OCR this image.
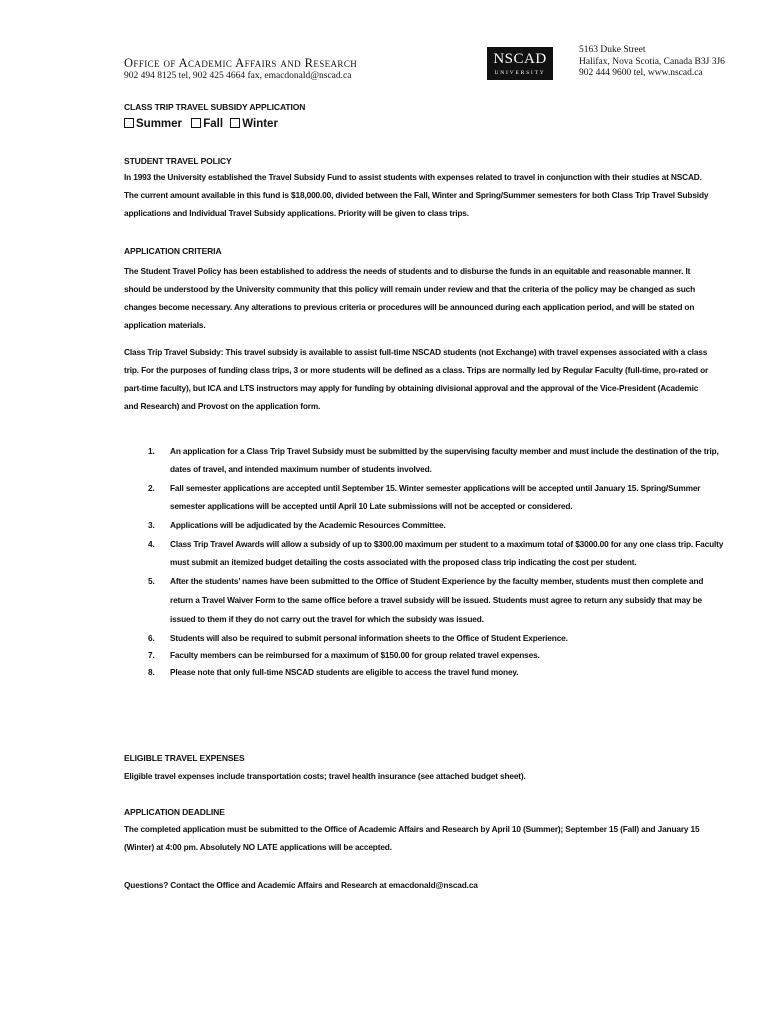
Office of Academic Affairs and Research
902 494 8125 tel, 902 425 4664 fax, emacdonald@nscad.ca
NSCAD
UNIVERSITY
5163 Duke Street
Halifax, Nova Scotia, Canada B3J 3J6
902 444 9600 tel, www.nscad.ca
CLASS TRIP TRAVEL SUBSIDY APPLICATION
Summer Fall Winter
STUDENT TRAVEL POLICY
In 1993 the University established the Travel Subsidy Fund to assist students with expenses related to travel in conjunction with their studies at NSCAD. The current amount available in this fund is $18,000.00, divided between the Fall, Winter and Spring/Summer semesters for both Class Trip Travel Subsidy applications and Individual Travel Subsidy applications. Priority will be given to class trips.
APPLICATION CRITERIA
The Student Travel Policy has been established to address the needs of students and to disburse the funds in an equitable and reasonable manner. It should be understood by the University community that this policy will remain under review and that the criteria of the policy may be changed as such changes become necessary. Any alterations to previous criteria or procedures will be announced during each application period, and will be stated on application materials.
Class Trip Travel Subsidy: This travel subsidy is available to assist full-time NSCAD students (not Exchange) with travel expenses associated with a class trip. For the purposes of funding class trips, 3 or more students will be defined as a class. Trips are normally led by Regular Faculty (full-time, pro-rated or part-time faculty), but ICA and LTS instructors may apply for funding by obtaining divisional approval and the approval of the Vice-President (Academic and Research) and Provost on the application form.
1. An application for a Class Trip Travel Subsidy must be submitted by the supervising faculty member and must include the destination of the trip, dates of travel, and intended maximum number of students involved.
2. Fall semester applications are accepted until September 15. Winter semester applications will be accepted until January 15. Spring/Summer semester applications will be accepted until April 10 Late submissions will not be accepted or considered.
3. Applications will be adjudicated by the Academic Resources Committee.
4. Class Trip Travel Awards will allow a subsidy of up to $300.00 maximum per student to a maximum total of $3000.00 for any one class trip. Faculty must submit an itemized budget detailing the costs associated with the proposed class trip indicating the cost per student.
5. After the students’ names have been submitted to the Office of Student Experience by the faculty member, students must then complete and return a Travel Waiver Form to the same office before a travel subsidy will be issued. Students must agree to return any subsidy that may be issued to them if they do not carry out the travel for which the subsidy was issued.
6. Students will also be required to submit personal information sheets to the Office of Student Experience.
7. Faculty members can be reimbursed for a maximum of $150.00 for group related travel expenses.
8. Please note that only full-time NSCAD students are eligible to access the travel fund money.
ELIGIBLE TRAVEL EXPENSES
Eligible travel expenses include transportation costs; travel health insurance (see attached budget sheet).
APPLICATION DEADLINE
The completed application must be submitted to the Office of Academic Affairs and Research by April 10 (Summer); September 15 (Fall) and January 15 (Winter) at 4:00 pm. Absolutely NO LATE applications will be accepted.
Questions? Contact the Office and Academic Affairs and Research at emacdonald@nscad.ca
